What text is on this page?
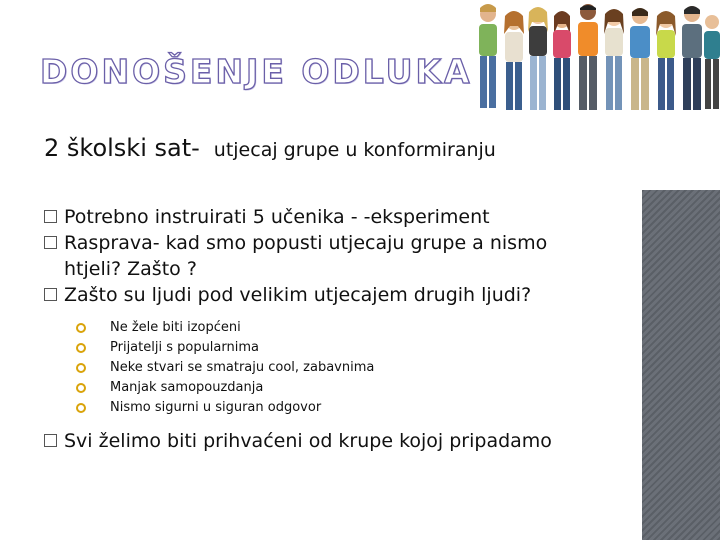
DONOŠENJE ODLUKA
2 školski sat- utjecaj grupe u konformiranju
Potrebno instruirati 5 učenika - -eksperiment
Rasprava- kad smo popusti utjecaju grupe a nismo htjeli? Zašto ?
Zašto su ljudi pod velikim utjecajem drugih ljudi?
Ne žele biti izopćeni
Prijatelji s popularnima
Neke stvari se smatraju cool, zabavnima
Manjak samopouzdanja
Nismo sigurni u siguran odgovor
Svi želimo biti prihvaćeni od krupe kojoj pripadamo
